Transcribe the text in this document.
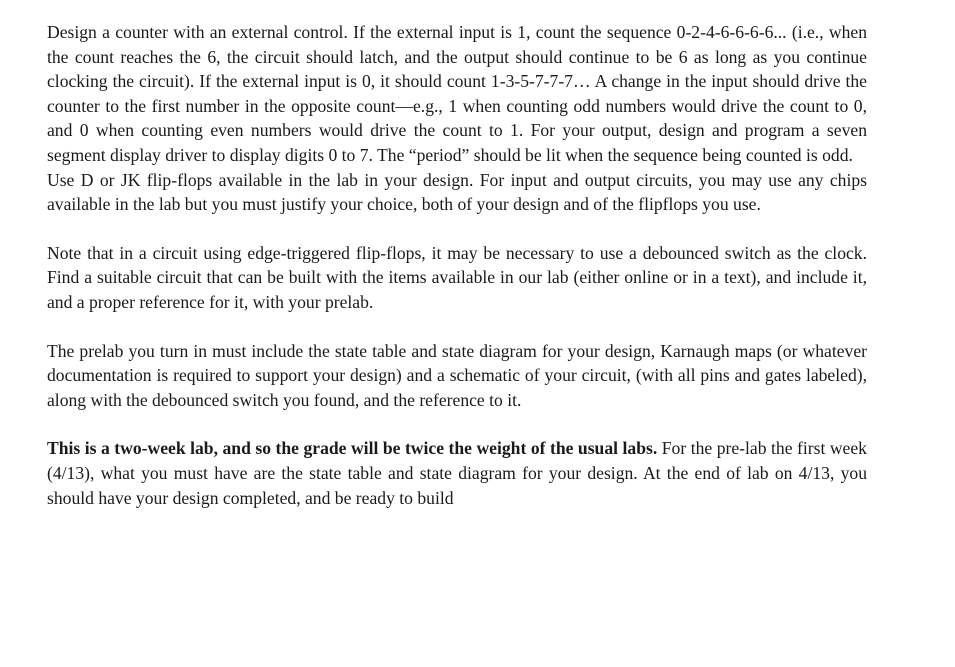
Design a counter with an external control. If the external input is 1, count the sequence 0-2-4-6-6-6-6... (i.e., when the count reaches the 6, the circuit should latch, and the output should continue to be 6 as long as you continue clocking the circuit). If the external input is 0, it should count 1-3-5-7-7-7… A change in the input should drive the counter to the first number in the opposite count—e.g., 1 when counting odd numbers would drive the count to 0, and 0 when counting even numbers would drive the count to 1. For your output, design and program a seven segment display driver to display digits 0 to 7. The “period” should be lit when the sequence being counted is odd.

Use D or JK flip-flops available in the lab in your design. For input and output circuits, you may use any chips available in the lab but you must justify your choice, both of your design and of the flipflops you use.

Note that in a circuit using edge-triggered flip-flops, it may be necessary to use a debounced switch as the clock. Find a suitable circuit that can be built with the items available in our lab (either online or in a text), and include it, and a proper reference for it, with your prelab.

The prelab you turn in must include the state table and state diagram for your design, Karnaugh maps (or whatever documentation is required to support your design) and a schematic of your circuit, (with all pins and gates labeled), along with the debounced switch you found, and the reference to it.

This is a two-week lab, and so the grade will be twice the weight of the usual labs. For the pre-lab the first week (4/13), what you must have are the state table and state diagram for your design. At the end of lab on 4/13, you should have your design completed, and be ready to build
